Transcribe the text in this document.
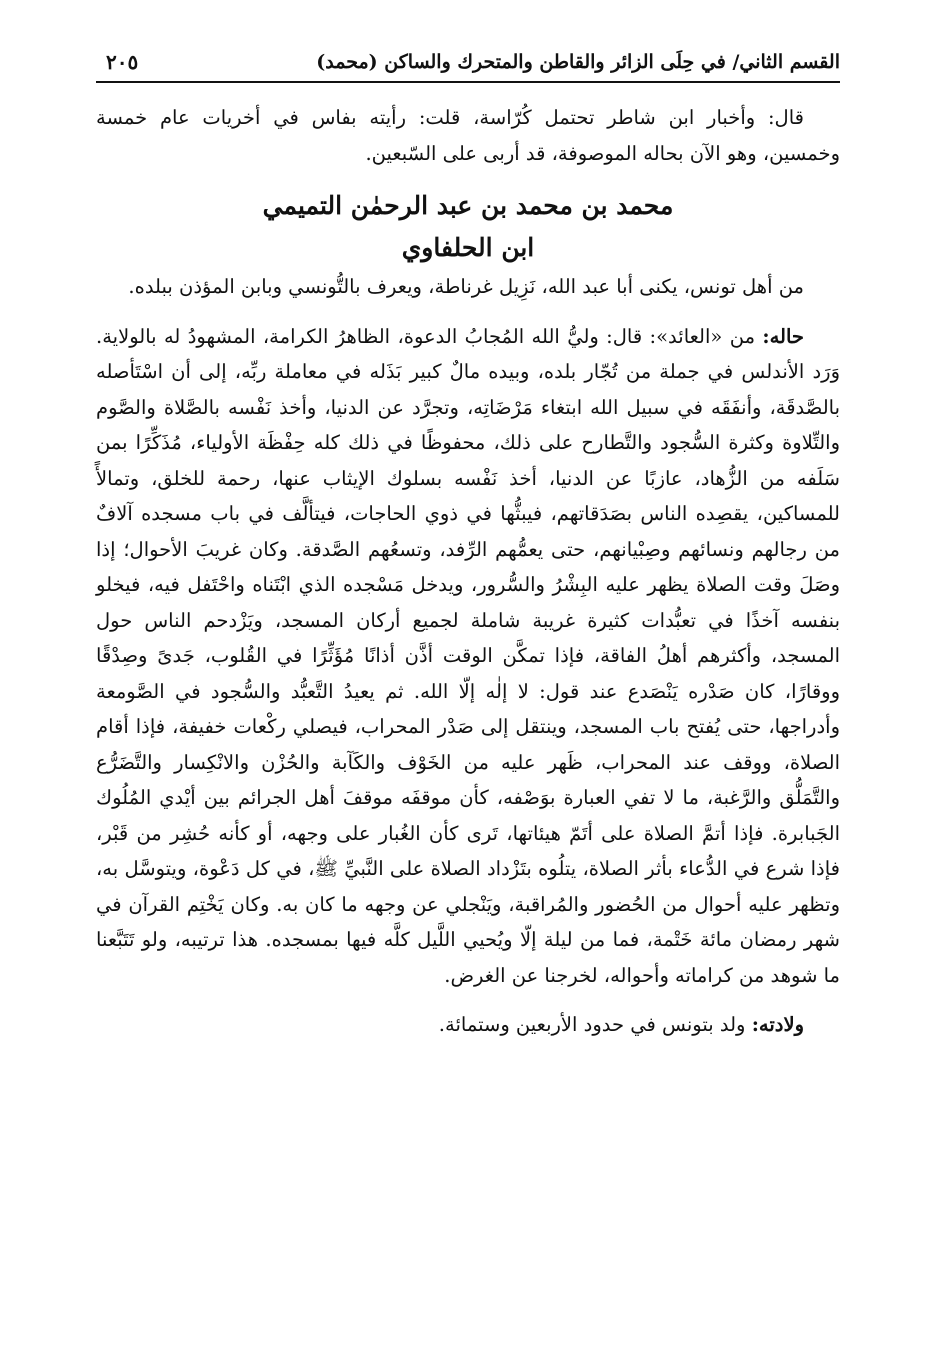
القسم الثاني/ في حِلَى الزائر والقاطن والمتحرك والساكن (محمد)
٢٠٥

قال: وأخبار ابن شاطر تحتمل كُرّاسة، قلت: رأيته بفاس في أخريات عام خمسة وخمسين، وهو الآن بحاله الموصوفة، قد أربى على السّبعين.

محمد بن محمد بن عبد الرحمٰن التميمي

ابن الحلفاوي

من أهل تونس، يكنى أبا عبد الله، نَزِيل غرناطة، ويعرف بالتُّونسي وبابن المؤذن ببلده.

حاله: من «العائد»: قال: وليُّ الله المُجابُ الدعوة، الظاهرُ الكرامة، المشهودُ له بالولاية. وَرَد الأندلس في جملة من تُجّار بلده، وبيده مالٌ كبير بَذَله في معاملة ربِّه، إلى أن اسْتَأصله بالصَّدقَة، وأنفَقَه في سبيل الله ابتغاء مَرْضَاتِه، وتجرَّد عن الدنيا، وأخذ نَفْسه بالصَّلاة والصَّوم والتِّلاوة وكثرة السُّجود والتَّطارح على ذلك، محفوظًا في ذلك كله حِفْظَة الأولياء، مُذَكِّرًا بمن سَلَفه من الزُّهاد، عازبًا عن الدنيا، أخذ نَفْسه بسلوك الإيثاب عنها، رحمة للخلق، وتمالأً للمساكين، يقصِده الناس بصَدَقاتهم، فيبثُّها في ذوي الحاجات، فيتألَّف في باب مسجده آلافٌ من رجالهم ونسائهم وصِبْيانهم، حتى يعمُّهم الرِّفد، وتسعُهم الصَّدقة. وكان غريبَ الأحوال؛ إذا وصَلَ وقت الصلاة يظهر عليه البِشْرُ والسُّرور، ويدخل مَسْجده الذي ابْتَناه واحْتَفل فيه، فيخلو بنفسه آخذًا في تعبُّدات كثيرة غريبة شاملة لجميع أركان المسجد، ويَزْدحم الناس حول المسجد، وأكثرهم أهلُ الفاقة، فإذا تمكَّن الوقت أذَّن أذانًا مُؤَثِّرًا في القُلوب، جَدىً وصِدْقًا ووقارًا، كان صَدْره يَنْصَدع عند قول: لا إلٰه إلّا الله. ثم يعيدُ التَّعبُّد والسُّجود في الصَّومعة وأدراجها، حتى يُفتح باب المسجد، وينتقل إلى صَدْر المحراب، فيصلي ركْعات خفيفة، فإذا أقام الصلاة، ووقف عند المحراب، ظَهر عليه من الخَوْف والكَآبة والحُزْن والانْكِسار والتَّضَرُّع والتَّمَلُّق والرَّغبة، ما لا تفي العبارة بوَصْفه، كأن موقفَه موقفَ أهل الجرائم بين أيْدي المُلُوك الجَبابرة. فإذا أتمَّ الصلاة على أتَمّ هيئاتها، تَرى كأن الغُبار على وجهه، أو كأنه حُشِر من قَبْر، فإذا شرع في الدُّعاء بأثر الصلاة، يتلُوه بتَزْداد الصلاة على النَّبيِّ ﷺ، في كل دَعْوة، ويتوسَّل به، وتظهر عليه أحوال من الحُضور والمُراقبة، ويَنْجلي عن وجهه ما كان به. وكان يَخْتِم القرآن في شهر رمضان مائة خَتْمة، فما من ليلة إلّا ويُحيي اللَّيل كلَّه فيها بمسجده. هذا ترتيبه، ولو تَتَبَّعنا ما شوهد من كراماته وأحواله، لخرجنا عن الغرض.

ولادته: ولد بتونس في حدود الأربعين وستمائة.
